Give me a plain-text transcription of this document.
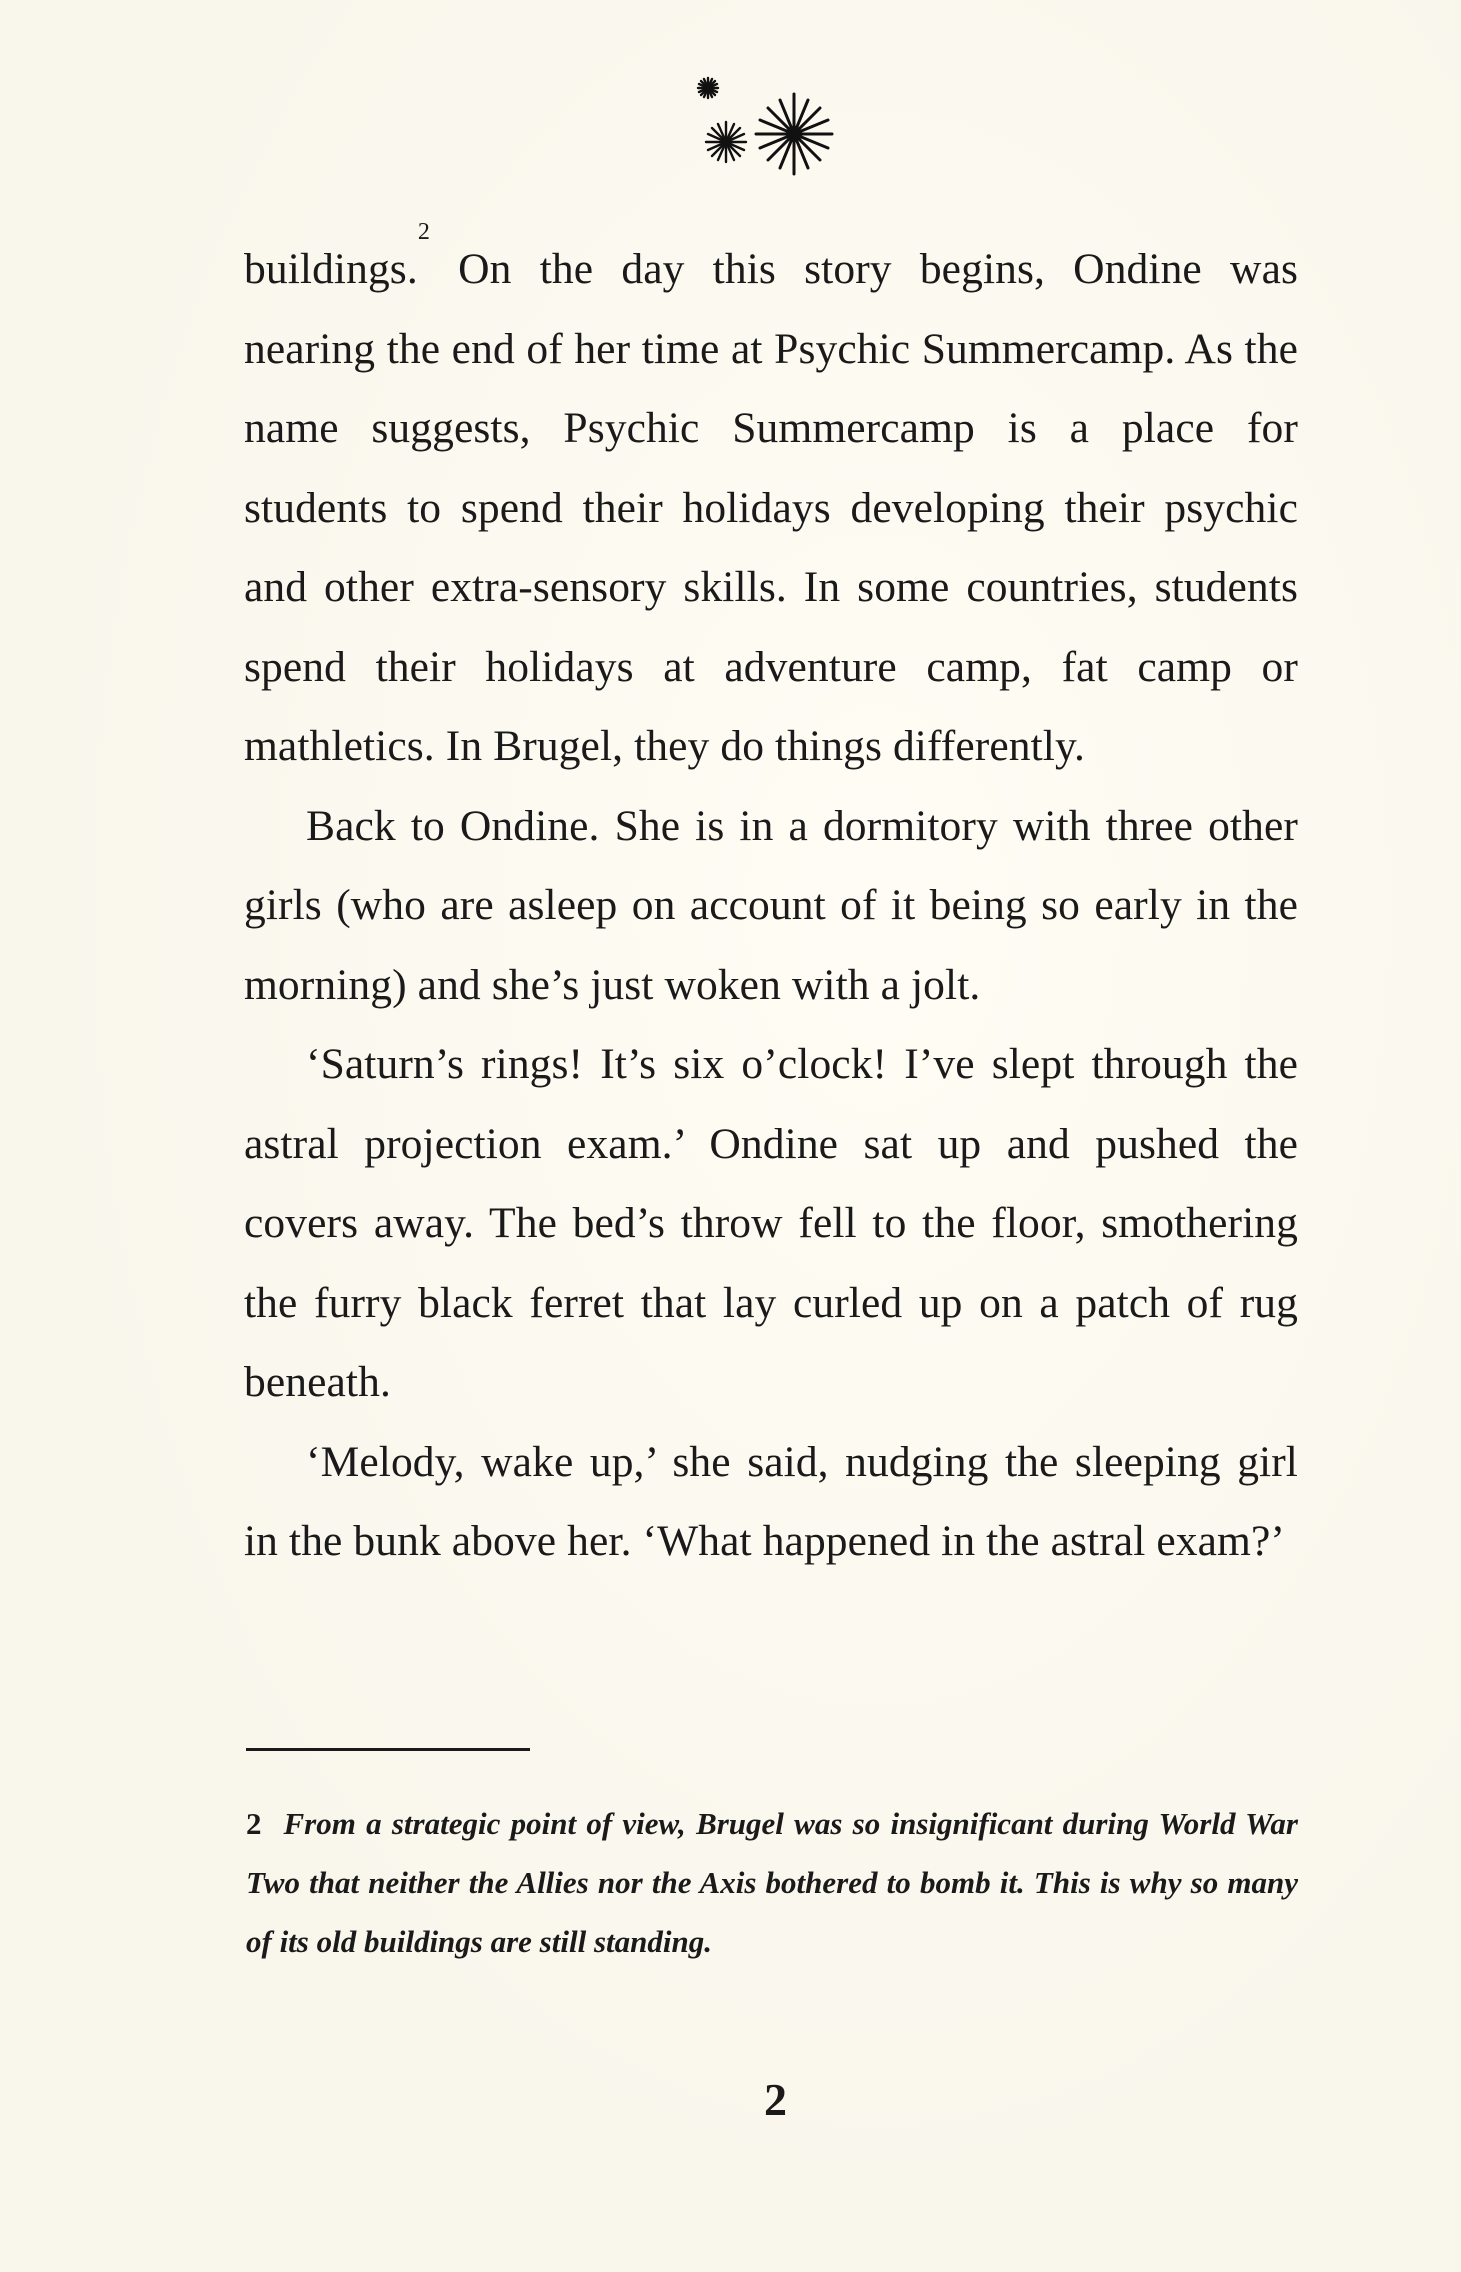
buildings.$^2$ On the day this story begins, Ondine was nearing the end of her time at Psychic Summercamp. As the name suggests, Psychic Summercamp is a place for students to spend their holidays developing their psychic and other extra-sensory skills. In some countries, students spend their holidays at adventure camp, fat camp or mathletics. In Brugel, they do things differently.

Back to Ondine. She is in a dormitory with three other girls (who are asleep on account of it being so early in the morning) and she’s just woken with a jolt.

‘Saturn’s rings! It’s six o’clock! I’ve slept through the astral projection exam.’ Ondine sat up and pushed the covers away. The bed’s throw fell to the floor, smothering the furry black ferret that lay curled up on a patch of rug beneath.

‘Melody, wake up,’ she said, nudging the sleeping girl in the bunk above her. ‘What happened in the astral exam?’

2 From a strategic point of view, Brugel was so insignificant during World War Two that neither the Allies nor the Axis bothered to bomb it. This is why so many of its old buildings are still standing.

2
